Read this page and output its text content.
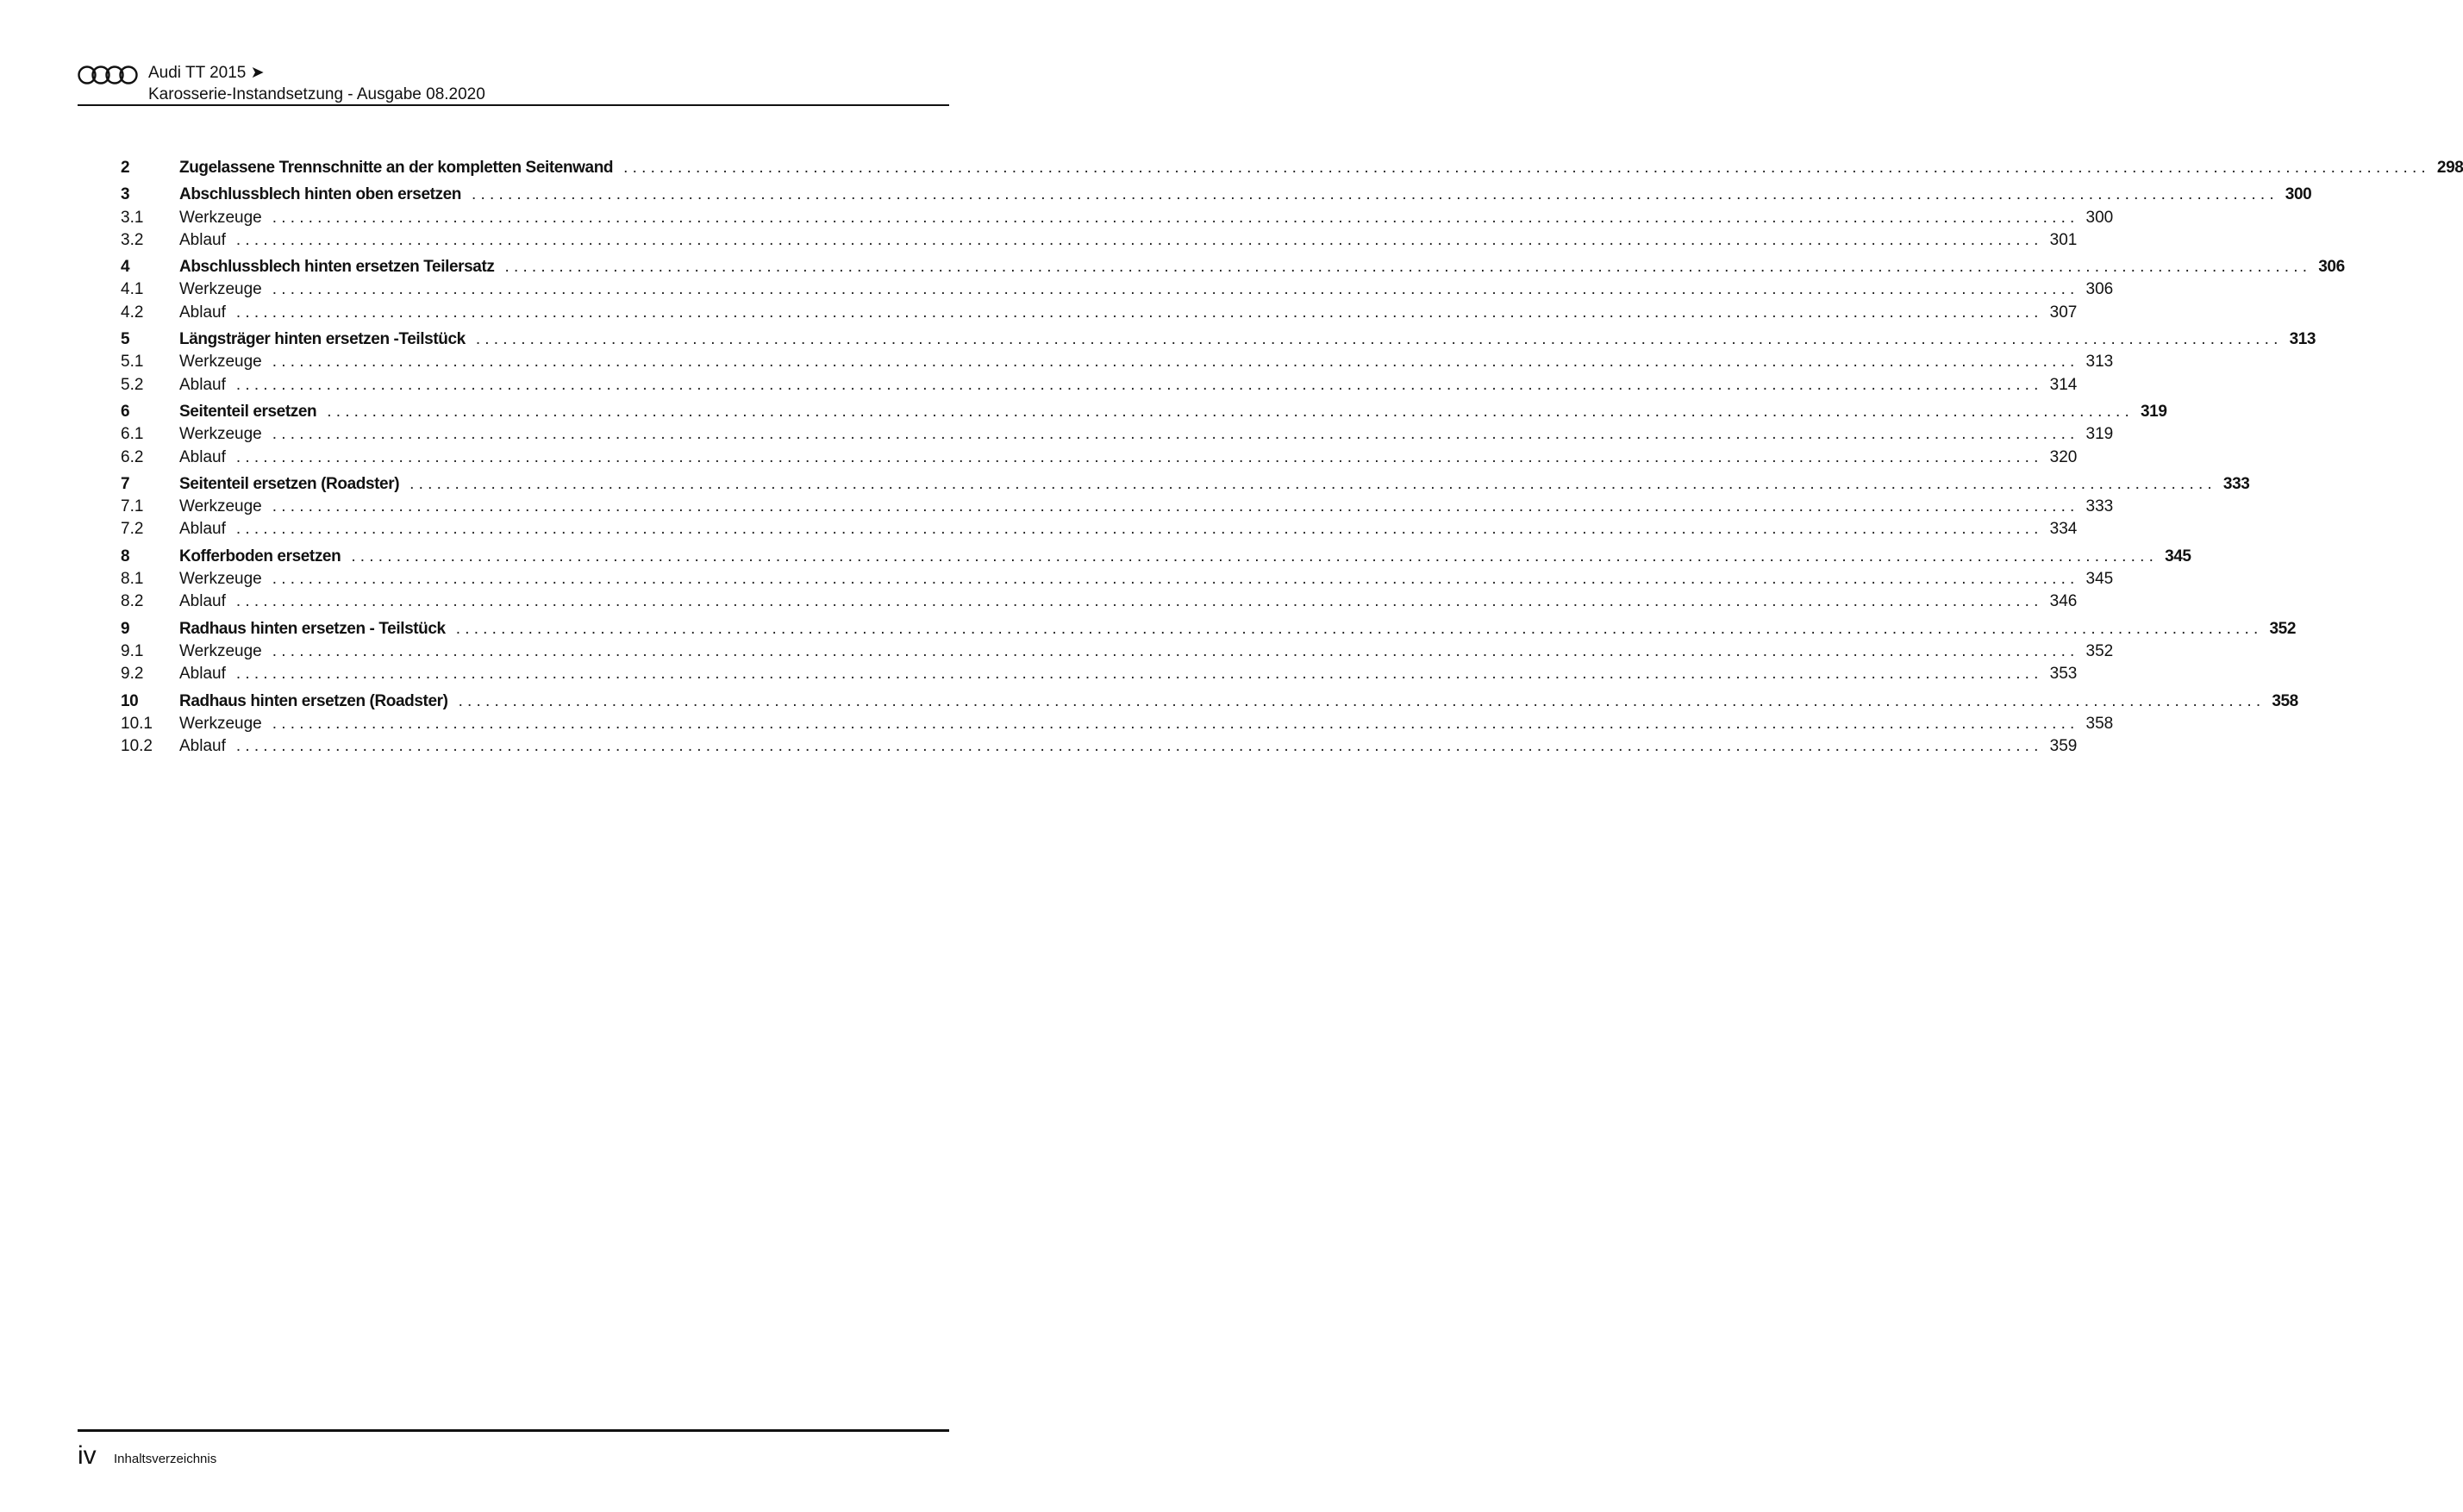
Audi TT 2015 ➤
Karosserie-Instandsetzung - Ausgabe 08.2020
2	Zugelassene Trennschnitte an der kompletten Seitenwand ........................................................................................................................................................................................................ 298
3	Abschlussblech hinten oben ersetzen ........................................................................................................................................................................................................ 300
3.1	Werkzeuge ........................................................................................................................................................................................................ 300
3.2	Ablauf ........................................................................................................................................................................................................ 301
4	Abschlussblech hinten ersetzen Teilersatz ........................................................................................................................................................................................................ 306
4.1	Werkzeuge ........................................................................................................................................................................................................ 306
4.2	Ablauf ........................................................................................................................................................................................................ 307
5	Längsträger hinten ersetzen -Teilstück ........................................................................................................................................................................................................ 313
5.1	Werkzeuge ........................................................................................................................................................................................................ 313
5.2	Ablauf ........................................................................................................................................................................................................ 314
6	Seitenteil ersetzen ........................................................................................................................................................................................................ 319
6.1	Werkzeuge ........................................................................................................................................................................................................ 319
6.2	Ablauf ........................................................................................................................................................................................................ 320
7	Seitenteil ersetzen (Roadster) ........................................................................................................................................................................................................ 333
7.1	Werkzeuge ........................................................................................................................................................................................................ 333
7.2	Ablauf ........................................................................................................................................................................................................ 334
8	Kofferboden ersetzen ........................................................................................................................................................................................................ 345
8.1	Werkzeuge ........................................................................................................................................................................................................ 345
8.2	Ablauf ........................................................................................................................................................................................................ 346
9	Radhaus hinten ersetzen - Teilstück ........................................................................................................................................................................................................ 352
9.1	Werkzeuge ........................................................................................................................................................................................................ 352
9.2	Ablauf ........................................................................................................................................................................................................ 353
10	Radhaus hinten ersetzen (Roadster) ........................................................................................................................................................................................................ 358
10.1	Werkzeuge ........................................................................................................................................................................................................ 358
10.2	Ablauf ........................................................................................................................................................................................................ 359
iv Inhaltsverzeichnis
